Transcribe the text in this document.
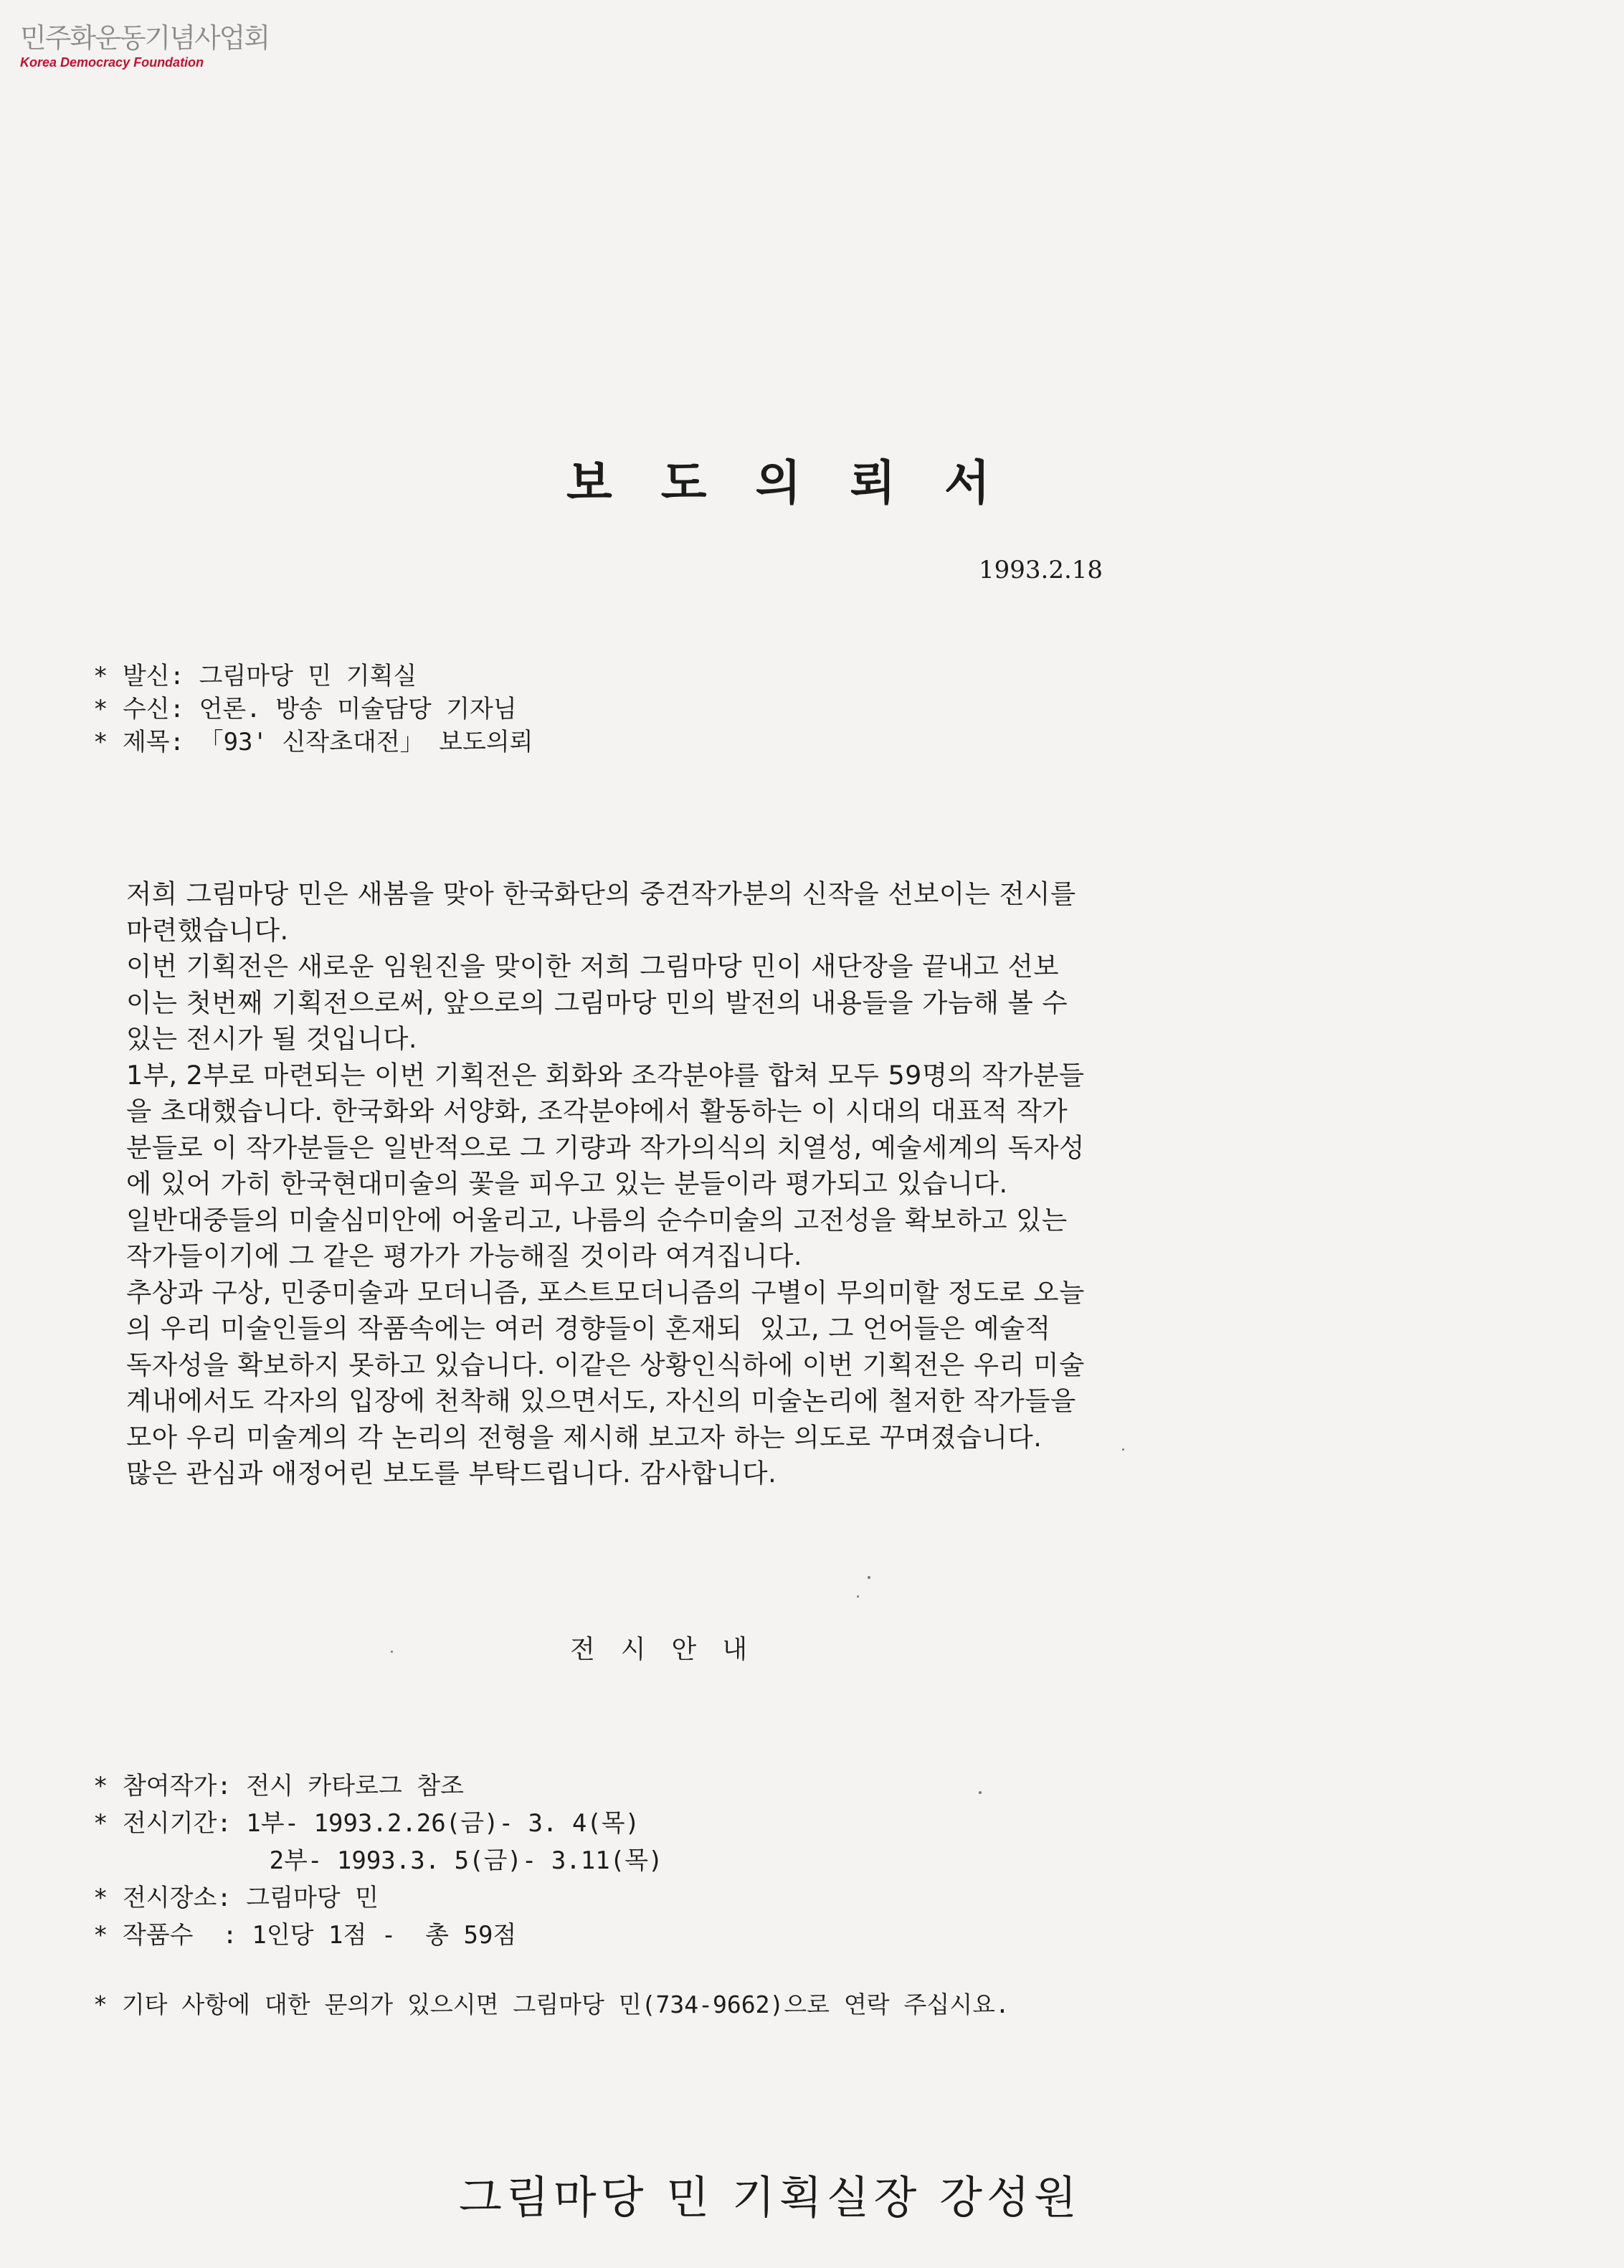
민주화운동기념사업회
Korea Democracy Foundation
보도의뢰서
1993.2.18
* 발신: 그림마당 민 기획실
* 수신: 언론. 방송 미술담당 기자님
* 제목: 「93' 신작초대전」 보도의뢰
저희 그림마당 민은 새봄을 맞아 한국화단의 중견작가분의 신작을 선보이는 전시를
마련했습니다.
이번 기획전은 새로운 임원진을 맞이한 저희 그림마당 민이 새단장을 끝내고 선보
이는 첫번째 기획전으로써, 앞으로의 그림마당 민의 발전의 내용들을 가늠해 볼 수
있는 전시가 될 것입니다.
1부, 2부로 마련되는 이번 기획전은 회화와 조각분야를 합쳐 모두 59명의 작가분들
을 초대했습니다. 한국화와 서양화, 조각분야에서 활동하는 이 시대의 대표적 작가
분들로 이 작가분들은 일반적으로 그 기량과 작가의식의 치열성, 예술세계의 독자성
에 있어 가히 한국현대미술의 꽃을 피우고 있는 분들이라 평가되고 있습니다.
일반대중들의 미술심미안에 어울리고, 나름의 순수미술의 고전성을 확보하고 있는
작가들이기에 그 같은 평가가 가능해질 것이라 여겨집니다.
추상과 구상, 민중미술과 모더니즘, 포스트모더니즘의 구별이 무의미할 정도로 오늘
의 우리 미술인들의 작품속에는 여러 경향들이 혼재되  있고, 그 언어들은 예술적
독자성을 확보하지 못하고 있습니다. 이같은 상황인식하에 이번 기획전은 우리 미술
계내에서도 각자의 입장에 천착해 있으면서도, 자신의 미술논리에 철저한 작가들을
모아 우리 미술계의 각 논리의 전형을 제시해 보고자 하는 의도로 꾸며졌습니다.
많은 관심과 애정어린 보도를 부탁드립니다. 감사합니다.
전시안내
* 참여작가: 전시 카타로그 참조
* 전시기간: 1부- 1993.2.26(금)- 3. 4(목)
2부- 1993.3. 5(금)- 3.11(목)
* 전시장소: 그림마당 민
* 작품수  : 1인당 1점 -  총 59점
* 기타 사항에 대한 문의가 있으시면 그림마당 민(734-9662)으로 연락 주십시요.
그림마당 민 기획실장 강성원
